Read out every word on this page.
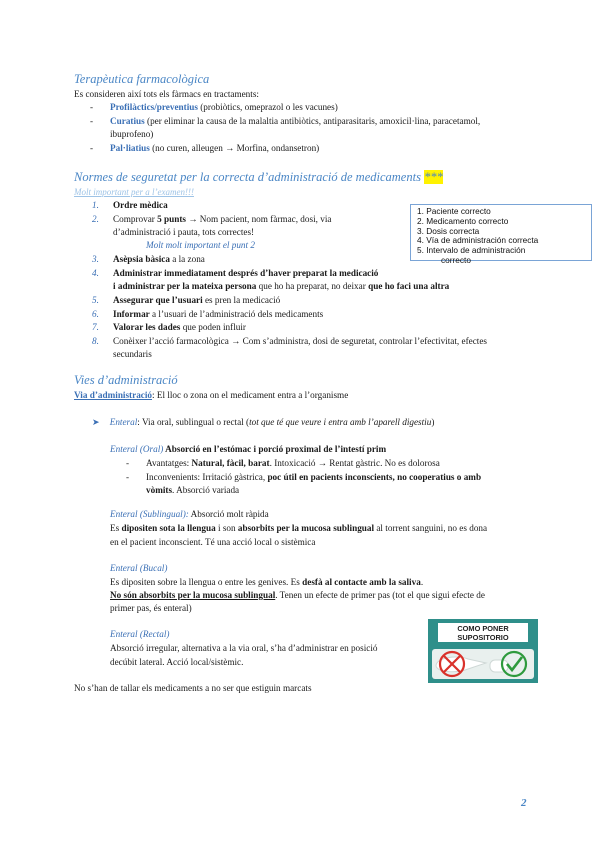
Terapèutica farmacològica
Es consideren així tots els fàrmacs en tractaments:
-	Profilàctics/preventius (probiòtics, omeprazol o les vacunes)
-	Curatius (per eliminar la causa de la malaltia antibiòtics, antiparasitaris, amoxicil·lina, paracetamol,
ibuprofeno)
-	Pal·liatius (no curen, alleugen → Morfina, ondansetron)
Normes de seguretat per la correcta d’administració de medicaments ***
Molt important per a l’examen!!!
1.	Ordre mèdica
2.	Comprovar 5 punts → Nom pacient, nom fàrmac, dosi, via
d’administració i pauta, tots correctes!
Molt molt important el punt 2
3.	Asèpsia bàsica a la zona
4.	Administrar immediatament després d’haver preparat la medicació
i administrar per la mateixa persona que ho ha preparat, no deixar que ho faci una altra
5.	Assegurar que l’usuari es pren la medicació
6.	Informar a l’usuari de l’administració dels medicaments
7.	Valorar les dades que poden influir
8.	Conèixer l’acció farmacològica → Com s’administra, dosi de seguretat, controlar l’efectivitat, efectes
secundaris
1. Paciente correcto
2. Medicamento correcto
3. Dosis correcta
4. Vía de administración correcta
5. Intervalo de administración
correcto
Vies d’administració
Via d’administració: El lloc o zona on el medicament entra a l’organisme
➤ Enteral: Via oral, sublingual o rectal (tot que té que veure i entra amb l’aparell digestiu)
Enteral (Oral) Absorció en l’estómac i porció proximal de l’intestí prim
-	Avantatges: Natural, fàcil, barat. Intoxicació → Rentat gàstric. No es dolorosa
-	Inconvenients: Irritació gàstrica, poc útil en pacients inconscients, no cooperatius o amb
vòmits. Absorció variada
Enteral (Sublingual): Absorció molt ràpida
Es dipositen sota la llengua i son absorbits per la mucosa sublingual al torrent sanguini, no es dona
en el pacient inconscient. Té una acció local o sistèmica
Enteral (Bucal)
Es dipositen sobre la llengua o entre les genives. Es desfà al contacte amb la saliva.
No són absorbits per la mucosa sublingual. Tenen un efecte de primer pas (tot el que sigui efecte de
primer pas, és enteral)
Enteral (Rectal)
Absorció irregular, alternativa a la via oral, s’ha d’administrar en posició
decúbit lateral. Acció local/sistèmic.
COMO PONER SUPOSITORIO
No s’han de tallar els medicaments a no ser que estiguin marcats
2
